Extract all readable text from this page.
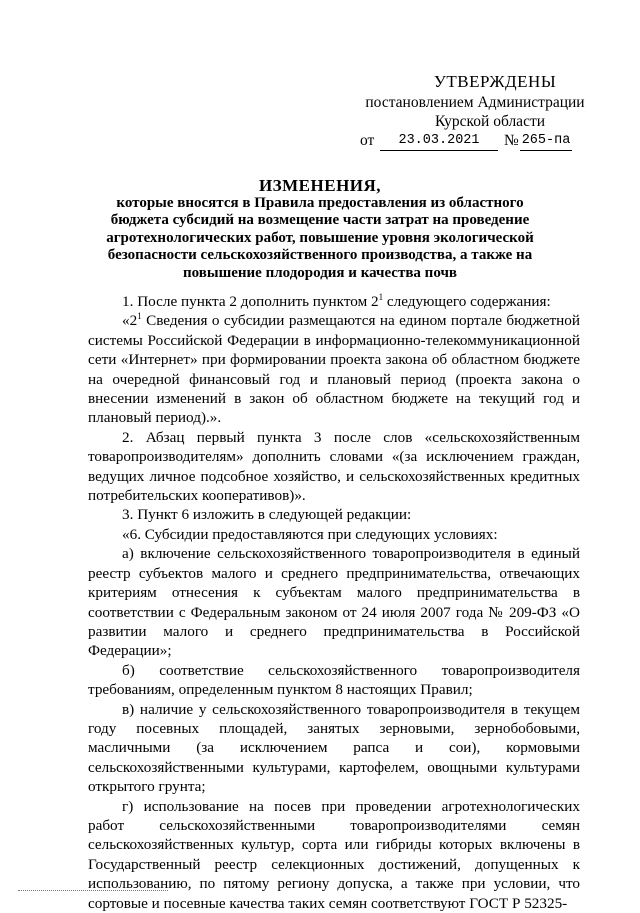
УТВЕРЖДЕНЫ
постановлением Администрации
Курской области
от	23.03.2021	№ 265-па
ИЗМЕНЕНИЯ,
которые вносятся в Правила предоставления из областного бюджета субсидий на возмещение части затрат на проведение агротехнологических работ, повышение уровня экологической безопасности сельскохозяйственного производства, а также на повышение плодородия и качества почв

1. После пункта 2 дополнить пунктом $2^1$ следующего содержания:

«$2^1$ Сведения о субсидии размещаются на едином портале бюджетной системы Российской Федерации в информационно-телекоммуникационной сети «Интернет» при формировании проекта закона об областном бюджете на очередной финансовый год и плановый период (проекта закона о внесении изменений в закон об областном бюджете на текущий год и плановый период).».

2. Абзац первый пункта 3 после слов «сельскохозяйственным товаропроизводителям» дополнить словами «(за исключением граждан, ведущих личное подсобное хозяйство, и сельскохозяйственных кредитных потребительских кооперативов)».

3. Пункт 6 изложить в следующей редакции:

«6. Субсидии предоставляются при следующих условиях:

а) включение сельскохозяйственного товаропроизводителя в единый реестр субъектов малого и среднего предпринимательства, отвечающих критериям отнесения к субъектам малого предпринимательства в соответствии с Федеральным законом от 24 июля 2007 года № 209-ФЗ «О развитии малого и среднего предпринимательства в Российской Федерации»;

б) соответствие сельскохозяйственного товаропроизводителя требованиям, определенным пунктом 8 настоящих Правил;

в) наличие у сельскохозяйственного товаропроизводителя в текущем году посевных площадей, занятых зерновыми, зернобобовыми, масличными (за исключением рапса и сои), кормовыми сельскохозяйственными культурами, картофелем, овощными культурами открытого грунта;

г) использование на посев при проведении агротехнологических работ сельскохозяйственными товаропроизводителями семян сельскохозяйственных культур, сорта или гибриды которых включены в Государственный реестр селекционных достижений, допущенных к использованию, по пятому региону допуска, а также при условии, что сортовые и посевные качества таких семян соответствуют ГОСТ Р 52325-
